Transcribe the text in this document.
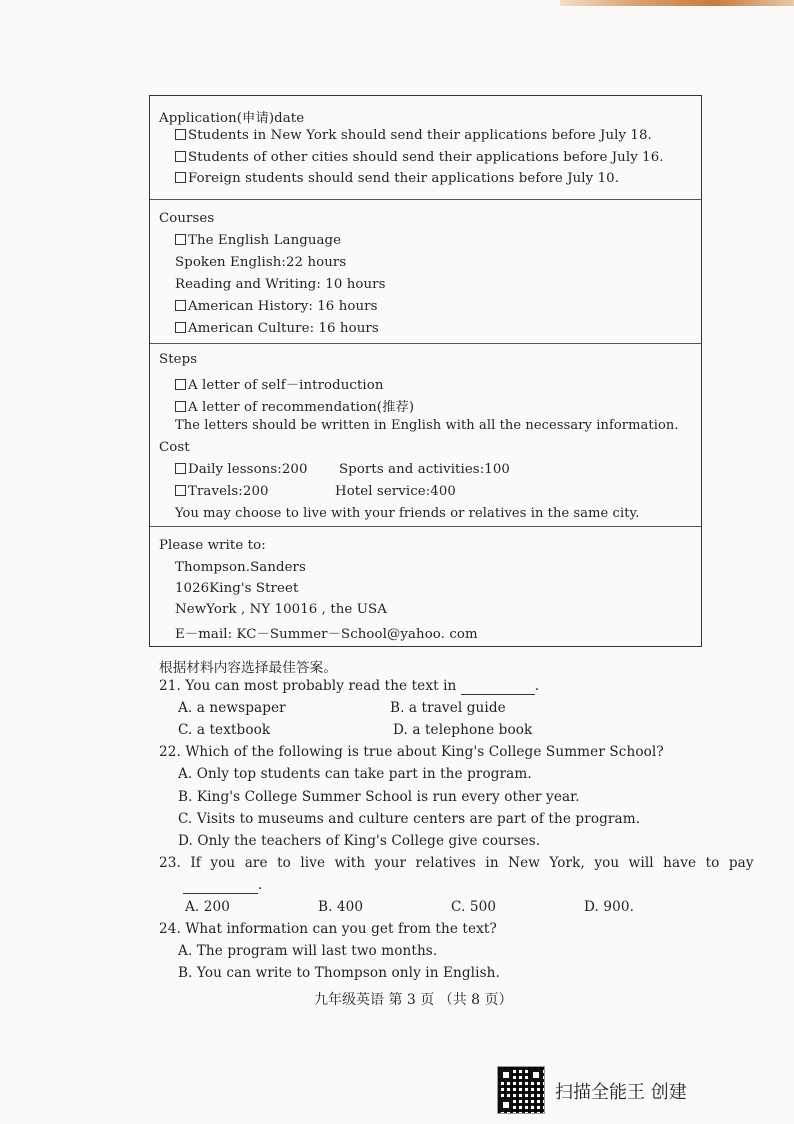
Application(申请)date
Students in New York should send their applications before July 18.
Students of other cities should send their applications before July 16.
Foreign students should send their applications before July 10.
Courses
The English Language
Spoken English:22 hours
Reading and Writing: 10 hours
American History: 16 hours
American Culture: 16 hours
Steps
A letter of self－introduction
A letter of recommendation(推荐)
The letters should be written in English with all the necessary information.
Cost
Daily lessons:200 Sports and activities:100
Travels:200	Hotel service:400
You may choose to live with your friends or relatives in the same city.
Please write to:
Thompson.Sanders
1026King's Street
NewYork , NY 10016 , the USA
E－mail: KC－Summer－School@yahoo. com
根据材料内容选择最佳答案。
21. You can most probably read the text in	.
A. a newspaper	B. a travel guide
C. a textbook	D. a telephone book
22. Which of the following is true about King's College Summer School?
A. Only top students can take part in the program.
B. King's College Summer School is run every other year.
C. Visits to museums and culture centers are part of the program.
D. Only the teachers of King's College give courses.
23. If you are to live with your relatives in New York, you will have to pay
.
A. 200	B. 400	C. 500	D. 900.
24. What information can you get from the text?
A. The program will last two months.
B. You can write to Thompson only in English.
九年级英语 第 3 页 （共 8 页）
扫描全能王 创建
